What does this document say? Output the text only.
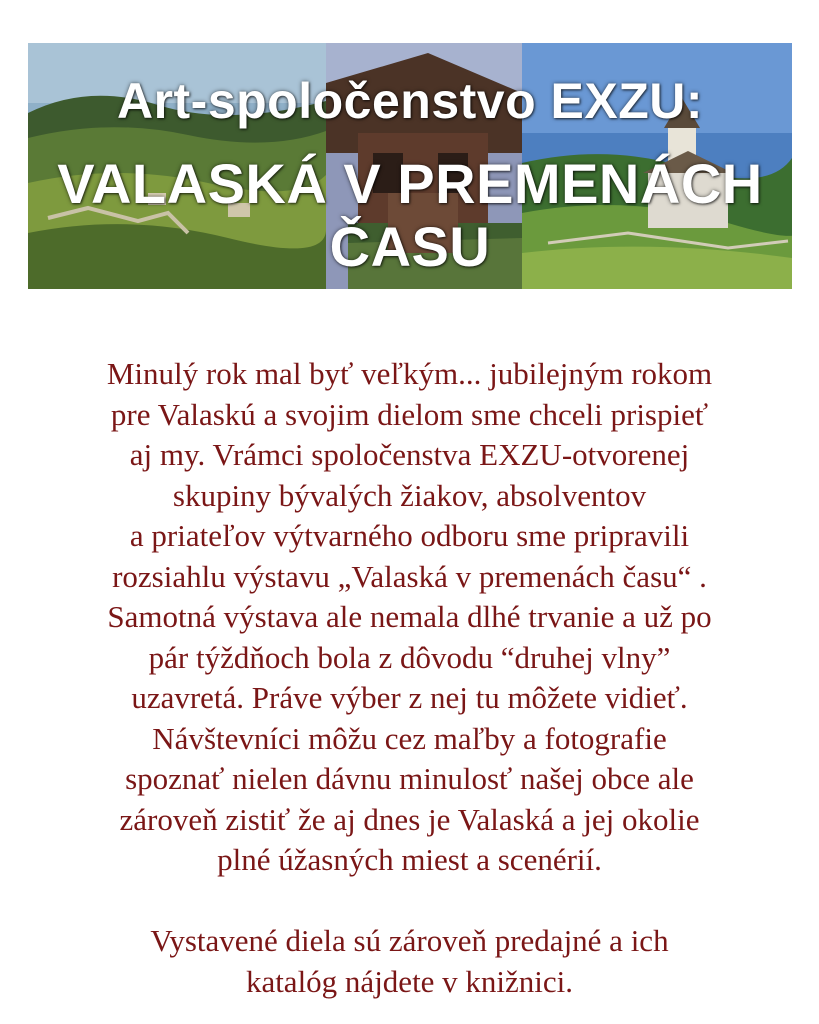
Art-spoločenstvo EXZU:
VALASKÁ V PREMENÁCH
ČASU
Minulý rok mal byť veľkým... jubilejným rokom
pre Valaskú a svojim dielom sme chceli prispieť
aj my. Vrámci spoločenstva EXZU-otvorenej
skupiny bývalých žiakov, absolventov
a priateľov výtvarného odboru sme pripravili
rozsiahlu výstavu „Valaská v premenách času“ .
Samotná výstava ale nemala dlhé trvanie a už po
pár týždňoch bola z dôvodu “druhej vlny”
uzavretá. Práve výber z nej tu môžete vidieť.
Návštevníci môžu cez maľby a fotografie
spoznať nielen dávnu minulosť našej obce ale
zároveň zistiť že aj dnes je Valaská a jej okolie
plné úžasných miest a scenérií.
Vystavené diela sú zároveň predajné a ich
katalóg nájdete v knižnici.
